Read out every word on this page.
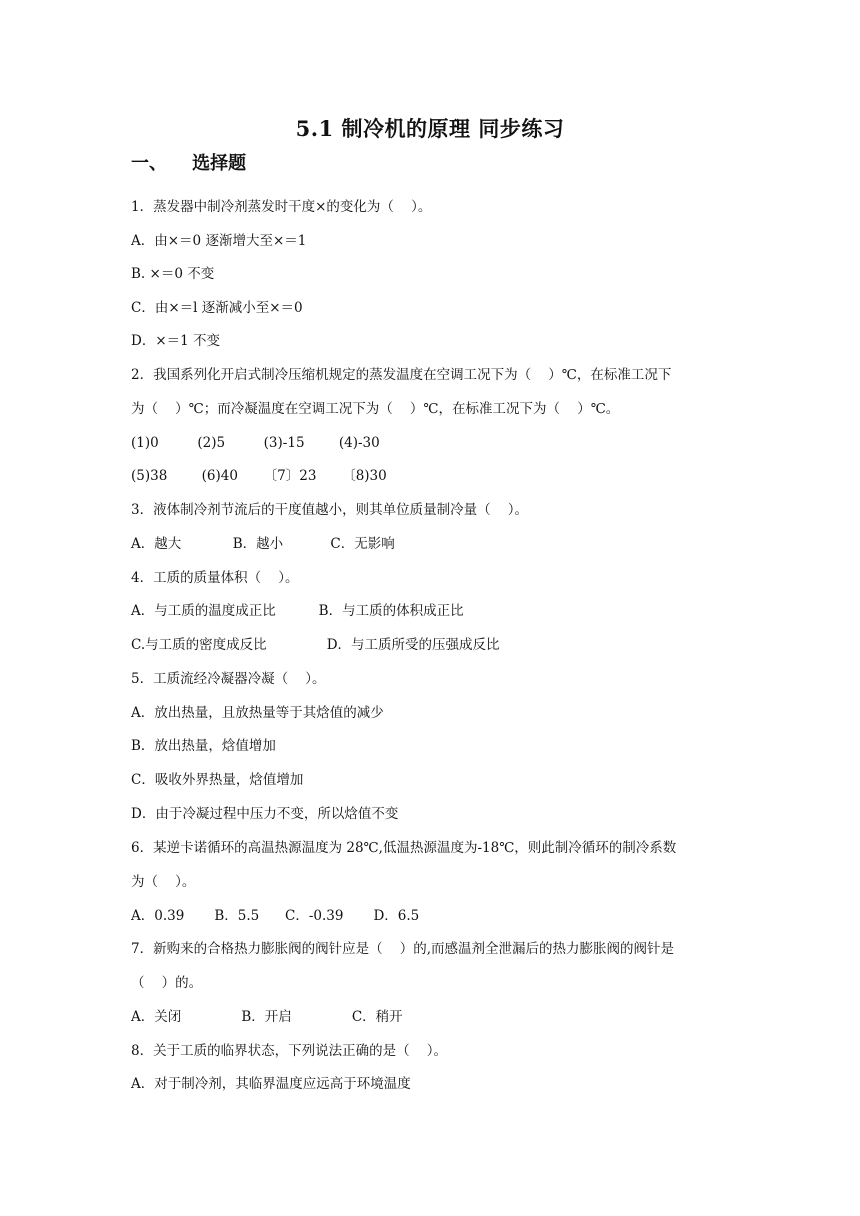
5.1 制冷机的原理 同步练习
一、    选择题
1．蒸发器中制冷剂蒸发时干度×的变化为（    ）。
A．由×＝0 逐渐增大至×＝1
B. ×＝0 不变
C．由×＝l 逐渐减小至×＝0
D．×＝1 不变
2．我国系列化开启式制冷压缩机规定的蒸发温度在空调工况下为（    ）℃，在标准工况下
为（    ）℃；而冷凝温度在空调工况下为（    ）℃，在标准工况下为（    ）℃。
(1)0         (2)5         (3)-15        (4)-30
(5)38        (6)40      〔7〕23      〔8)30
3．液体制冷剂节流后的干度值越小，则其单位质量制冷量（    ）。
A．越大            B．越小           C．无影响
4．工质的质量体积（    ）。
A．与工质的温度成正比          B．与工质的体积成正比
C.与工质的密度成反比              D．与工质所受的压强成反比
5．工质流经冷凝器冷凝（    ）。
A．放出热量，且放热量等于其焓值的减少
B．放出热量，焓值增加
C．吸收外界热量，焓值增加
D．由于冷凝过程中压力不变，所以焓值不变
6．某逆卡诺循环的高温热源温度为 28℃,低温热源温度为-18℃，则此制冷循环的制冷系数
为（    ）。
A．0.39       B．5.5      C．-0.39       D．6.5
7．新购来的合格热力膨胀阀的阀针应是（    ）的,而感温剂全泄漏后的热力膨胀阀的阀针是
（    ）的。
A．关闭              B．开启              C．稍开
8．关于工质的临界状态，下列说法正确的是（    ）。
A．对于制冷剂，其临界温度应远高于环境温度
